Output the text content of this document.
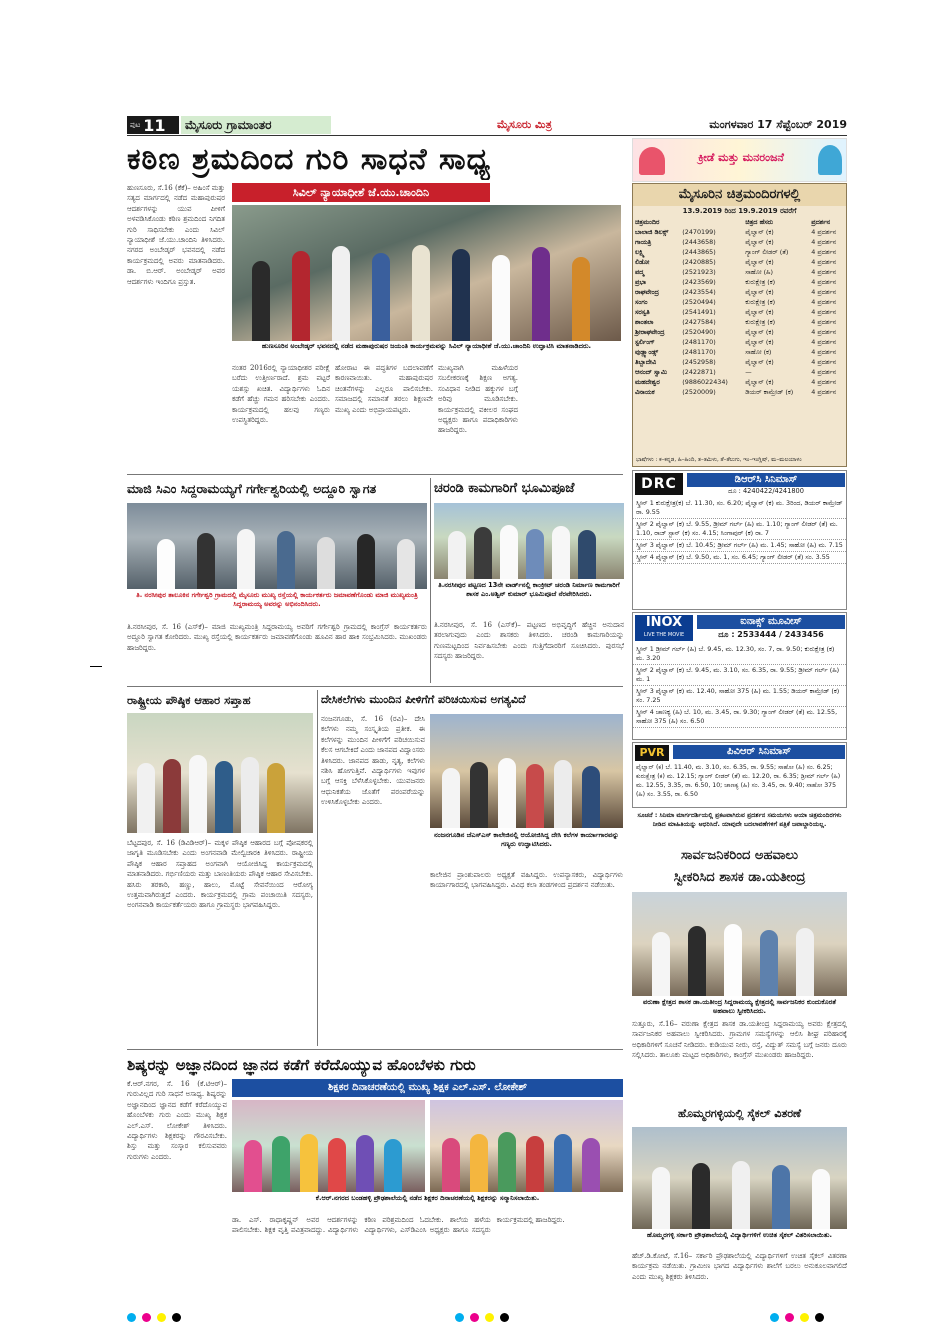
ಪುಟ 11	ಮೈಸೂರು ಗ್ರಾಮಾಂತರ	ಮೈಸೂರು ಮಿತ್ರ	ಮಂಗಳವಾರ 17 ಸೆಪ್ಟೆಂಬರ್ 2019
ಕಠಿಣ ಶ್ರಮದಿಂದ ಗುರಿ ಸಾಧನೆ ಸಾಧ್ಯ	ಕ್ರೀಡೆ ಮತ್ತು ಮನರಂಜನೆ
ಹುಣಸೂರು, ಸೆ.16 (ಕೆಕೆ)– ಅಹಿಂಸೆ ಮತ್ತು ಸತ್ಯದ ಮಾರ್ಗದಲ್ಲಿ ನಡೆದ ಮಹಾಪುರುಷರ ಆದರ್ಶಗಳನ್ನು ಯುವ ಪೀಳಿಗೆ ಅಳವಡಿಸಿಕೊಂಡು ಕಠಿಣ ಶ್ರಮದಿಂದ ನಿಗದಿತ ಗುರಿ ಸಾಧಿಸಬೇಕು ಎಂದು ಸಿವಿಲ್ ನ್ಯಾಯಾಧೀಶೆ ಜೆ.ಯು.ಚಾಂದಿನಿ ತಿಳಿಸಿದರು. ನಗರದ ಅಂಬೇಡ್ಕರ್ ಭವನದಲ್ಲಿ ನಡೆದ ಕಾರ್ಯಕ್ರಮದಲ್ಲಿ ಅವರು ಮಾತನಾಡಿದರು. ಡಾ. ಬಿ.ಆರ್. ಅಂಬೇಡ್ಕರ್ ಅವರ ಆದರ್ಶಗಳು ಇಂದಿಗೂ ಪ್ರಸ್ತುತ.
ಸಿವಿಲ್ ನ್ಯಾಯಾಧೀಶೆ ಜೆ.ಯು.ಚಾಂದಿನಿ
ಹುಣಸೂರಿನ ಅಂಬೇಡ್ಕರ್ ಭವನದಲ್ಲಿ ನಡೆದ ಮಹಾಪುರುಷರ ಜಯಂತಿ ಕಾರ್ಯಕ್ರಮವನ್ನು ಸಿವಿಲ್ ನ್ಯಾಯಾಧೀಶೆ ಜೆ.ಯು.ಚಾಂದಿನಿ ಉದ್ಘಾಟಿಸಿ ಮಾತನಾಡಿದರು.
ನಂತರ 2016ರಲ್ಲಿ ನ್ಯಾಯಾಧೀಶರ ಪರೀಕ್ಷೆ ಬರೆದು ಉತ್ತೀರ್ಣರಾದೆ. ಶ್ರಮ ಪಟ್ಟರೆ ಯಶಸ್ಸು ಖಚಿತ. ವಿದ್ಯಾರ್ಥಿಗಳು ಓದಿನ ಕಡೆಗೆ ಹೆಚ್ಚು ಗಮನ ಹರಿಸಬೇಕು ಎಂದರು. ಕಾರ್ಯಕ್ರಮದಲ್ಲಿ ಹಲವು ಗಣ್ಯರು ಉಪಸ್ಥಿತರಿದ್ದರು.
ಹೋರಾಟ ಈ ಪದ್ಧತಿಗಳ ಬದಲಾವಣೆಗೆ ಕಾರಣವಾಯಿತು. ಮಹಾಪುರುಷರ ಚಿಂತನೆಗಳನ್ನು ಎಲ್ಲರೂ ಪಾಲಿಸಬೇಕು. ಸಮಾಜದಲ್ಲಿ ಸಮಾನತೆ ತರಲು ಶಿಕ್ಷಣವೇ ಮುಖ್ಯ ಎಂದು ಅಭಿಪ್ರಾಯಪಟ್ಟರು.
ಮುಖ್ಯವಾಗಿ ಮಹಿಳೆಯರ ಸಬಲೀಕರಣಕ್ಕೆ ಶಿಕ್ಷಣ ಅಗತ್ಯ. ಸಂವಿಧಾನ ನೀಡಿದ ಹಕ್ಕುಗಳ ಬಗ್ಗೆ ಅರಿವು ಮೂಡಿಸಬೇಕು. ಕಾರ್ಯಕ್ರಮದಲ್ಲಿ ವಕೀಲರ ಸಂಘದ ಅಧ್ಯಕ್ಷರು ಹಾಗೂ ಪದಾಧಿಕಾರಿಗಳು ಹಾಜರಿದ್ದರು.
ಮೈಸೂರಿನ ಚಿತ್ರಮಂದಿರಗಳಲ್ಲಿ
13.9.2019 ರಿಂದ 19.9.2019 ರವರೆಗೆ
ಚಿತ್ರಮಂದಿರ		ಚಿತ್ರದ ಹೆಸರು	ಪ್ರದರ್ಶನ
ಬಾಲಾಜಿ ಡಿಲಕ್ಸ್	(2470199)	ಪೈಲ್ವಾನ್ (ಕ)	4 ಪ್ರದರ್ಶನ
ಗಾಯತ್ರಿ	(2443658)	ಪೈಲ್ವಾನ್ (ಕ)	4 ಪ್ರದರ್ಶನ
ಲಕ್ಷ್ಮಿ	(2443865)	ಗ್ಯಾಂಗ್ ಲೀಡರ್ (ತೆ)	4 ಪ್ರದರ್ಶನ
ಲಿಡೋ	(2420885)	ಪೈಲ್ವಾನ್ (ಕ)	4 ಪ್ರದರ್ಶನ
ಪದ್ಮ	(2521923)	ಸಾಹೋ (ಹಿ)	4 ಪ್ರದರ್ಶನ
ಪ್ರಭಾ	(2423569)	ಕುರುಕ್ಷೇತ್ರ (ಕ)	4 ಪ್ರದರ್ಶನ
ರಾಘವೇಂದ್ರ	(2423554)	ಪೈಲ್ವಾನ್ (ಕ)	4 ಪ್ರದರ್ಶನ
ಸಂಗಂ	(2520494)	ಕುರುಕ್ಷೇತ್ರ (ಕ)	4 ಪ್ರದರ್ಶನ
ಸರಸ್ವತಿ	(2541491)	ಪೈಲ್ವಾನ್ (ಕ)	4 ಪ್ರದರ್ಶನ
ಶಾಂತಲಾ	(2427584)	ಕುರುಕ್ಷೇತ್ರ (ಕ)	4 ಪ್ರದರ್ಶನ
ಶ್ರೀರಾಘವೇಂದ್ರ	(2520490)	ಪೈಲ್ವಾನ್ (ಕ)	4 ಪ್ರದರ್ಶನ
ಸ್ಟರ್ಲಿಂಗ್	(2481170)	ಪೈಲ್ವಾನ್ (ಕ)	4 ಪ್ರದರ್ಶನ
ವುಡ್ಲ್ಯಾಂಡ್ಸ್	(2481170)	ಸಾಹೋ (ಕ)	4 ಪ್ರದರ್ಶನ
ತಿಬ್ಬಾದೇವಿ	(2452958)	ಪೈಲ್ವಾನ್ (ಕ)	4 ಪ್ರದರ್ಶನ
ಆನಂದ್ ಸ್ವಾಮಿ	(2422871)	—	4 ಪ್ರದರ್ಶನ
ಮಹದೇಶ್ವರ	(9886022434)	ಪೈಲ್ವಾನ್ (ಕ)	4 ಪ್ರದರ್ಶನ
ವಿನಾಯಕ	(2520009)	ಡಿಯರ್ ಕಾಮ್ರೇಡ್ (ಕ)	4 ಪ್ರದರ್ಶನ
ಭಾಷೆಗಳು : ಕ–ಕನ್ನಡ, ಹಿ–ಹಿಂದಿ, ತ–ತಮಿಳು, ತೆ–ತೆಲುಗು, ಇಂ–ಇಂಗ್ಲಿಷ್, ಮ–ಮಲಯಾಳಂ
DRC	ಡಿಆರ್‌ಸಿ ಸಿನಿಮಾಸ್
ದೂ : 4240422/4241800
ಸ್ಕ್ರೀನ್ 1 ಕುರುಕ್ಷೇತ್ರ(ಕ) ಬೆ. 11.30, ಸಂ. 6.20; ಪೈಲ್ವಾನ್ (ಕ) ಮ. 3ರಿಂದ, ಡಿಯರ್ ಕಾಮ್ರೇಡ್ ರಾ. 9.55
ಸ್ಕ್ರೀನ್ 2 ಪೈಲ್ವಾನ್ (ಕ) ಬೆ. 9.55, ಡ್ರೀಮ್ ಗರ್ಲ್ (ಹಿ) ಮ. 1.10; ಗ್ಯಾಂಗ್ ಲೀಡರ್ (ತೆ) ಮ. 1.10, ರಾಜ್ ಸ್ಟಾನ್ (ಕ) ಸಂ. 4.15; ಸಿಂಗಾಪುರ್ (ಕ) ರಾ. 7
ಸ್ಕ್ರೀನ್ 3 ಪೈಲ್ವಾನ್ (ಕ) ಬೆ. 10.45; ಡ್ರೀಮ್ ಗರ್ಲ್ (ಹಿ) ಮ. 1.45; ಸಾಹೋ (ಹಿ) ಮ. 7.15
ಸ್ಕ್ರೀನ್ 4 ಪೈಲ್ವಾನ್ (ಕ) ಬೆ. 9.50, ಮ. 1, ಸಂ. 6.45; ಗ್ಯಾಂಗ್ ಲೀಡರ್ (ತೆ) ಸಂ. 3.55
INOX
LIVE THE MOVIE
ಐನಾಕ್ಸ್ ಮೂವೀಸ್
ದೂ : 2533444 / 2433456
ಸ್ಕ್ರೀನ್ 1 ಡ್ರೀಮ್ ಗರ್ಲ್ (ಹಿ) ಬೆ. 9.45, ಮ. 12.30, ಸಂ. 7, ರಾ. 9.50; ಕುರುಕ್ಷೇತ್ರ (ಕ) ಮ. 3.20
ಸ್ಕ್ರೀನ್ 2 ಪೈಲ್ವಾನ್ (ಕ) ಬೆ. 9.45, ಮ. 3.10, ಸಂ. 6.35, ರಾ. 9.55; ಡ್ರೀಮ್ ಗರ್ಲ್ (ಹಿ) ಮ. 1
ಸ್ಕ್ರೀನ್ 3 ಪೈಲ್ವಾನ್ (ಕ) ಮ. 12.40, ಸಾಹೋ 375 (ಹಿ) ಮ. 1.55; ಡಿಯರ್ ಕಾಮ್ರೇಡ್ (ಕ) ಸಂ. 7.25
ಸ್ಕ್ರೀನ್ 4 ಚಾಣಕ್ಯ (ಹಿ) ಬೆ. 10, ಮ. 3.45, ರಾ. 9.30; ಗ್ಯಾಂಗ್ ಲೀಡರ್ (ತೆ) ಮ. 12.55, ಸಾಹೋ 375 (ಹಿ) ಸಂ. 6.50
PVR	ಪಿವಿಆರ್ ಸಿನಿಮಾಸ್
ಪೈಲ್ವಾನ್ (ಕ) ಬೆ. 11.40, ಮ. 3.10, ಸಂ. 6.35, ರಾ. 9.55; ಸಾಹೋ (ಹಿ) ಸಂ. 6.25; ಕುರುಕ್ಷೇತ್ರ (ಕ) ಮ. 12.15; ಗ್ಯಾಂಗ್ ಲೀಡರ್ (ತೆ) ಮ. 12.20, ರಾ. 6.35; ಡ್ರೀಮ್ ಗರ್ಲ್ (ಹಿ) ಮ. 12.55, 3.35, ರಾ. 6.50, 10; ಚಾಣಕ್ಯ (ಹಿ) ಸಂ. 3.45, ರಾ. 9.40; ಸಾಹೋ 375 (ಹಿ) ಸಂ. 3.55, ರಾ. 6.50
ಸೂಚನೆ : ಸಿನಿಮಾ ಮಾರ್ಗದರ್ಶಿಯಲ್ಲಿ ಪ್ರಕಟವಾಗಿರುವ ಪ್ರದರ್ಶನ ಸಮಯಗಳು ಆಯಾ ಚಿತ್ರಮಂದಿರಗಳು ನೀಡಿದ ಮಾಹಿತಿಯನ್ನು ಆಧರಿಸಿದೆ. ಯಾವುದೇ ಬದಲಾವಣೆಗಳಿಗೆ ಪತ್ರಿಕೆ ಜವಾಬ್ದಾರಿಯಲ್ಲ.
ಮಾಜಿ ಸಿಎಂ ಸಿದ್ದರಾಮಯ್ಯಗೆ ಗರ್ಗೇಶ್ವರಿಯಲ್ಲಿ ಅದ್ದೂರಿ ಸ್ವಾಗತ
ತಿ. ನರಸೀಪುರ ತಾಲೂಕಿನ ಗರ್ಗೇಶ್ವರಿ ಗ್ರಾಮದಲ್ಲಿ ಮೈಸೂರು ಮುಖ್ಯ ರಸ್ತೆಯಲ್ಲಿ ಕಾರ್ಯಕರ್ತರು ಜಮಾವಣೆಗೊಂಡು ಮಾಜಿ ಮುಖ್ಯಮಂತ್ರಿ ಸಿದ್ದರಾಮಯ್ಯ ಅವರನ್ನು ಅಭಿನಂದಿಸಿದರು.
ತಿ.ನರಸೀಪುರ, ಸೆ. 16 (ಎಸ್‌ಕೆ)– ಮಾಜಿ ಮುಖ್ಯಮಂತ್ರಿ ಸಿದ್ದರಾಮಯ್ಯ ಅವರಿಗೆ ಗರ್ಗೇಶ್ವರಿ ಗ್ರಾಮದಲ್ಲಿ ಕಾಂಗ್ರೆಸ್ ಕಾರ್ಯಕರ್ತರು ಅದ್ದೂರಿ ಸ್ವಾಗತ ಕೋರಿದರು. ಮುಖ್ಯ ರಸ್ತೆಯಲ್ಲಿ ಕಾರ್ಯಕರ್ತರು ಜಮಾವಣೆಗೊಂಡು ಹೂವಿನ ಹಾರ ಹಾಕಿ ಸಂಭ್ರಮಿಸಿದರು. ಮುಖಂಡರು ಹಾಜರಿದ್ದರು.
ಚರಂಡಿ ಕಾಮಗಾರಿಗೆ ಭೂಮಿಪೂಜೆ
ತಿ.ನರಸೀಪುರ ಪಟ್ಟಣದ 13ನೇ ವಾರ್ಡ್‌ನಲ್ಲಿ ಕಾಂಕ್ರೀಟ್ ಚರಂಡಿ ನಿರ್ಮಾಣ ಕಾಮಗಾರಿಗೆ ಶಾಸಕ ಎಂ.ಅಶ್ವಿನ್ ಕುಮಾರ್ ಭೂಮಿಪೂಜೆ ನೆರವೇರಿಸಿದರು.
ತಿ.ನರಸೀಪುರ, ಸೆ. 16 (ಎಸ್‌ಕೆ)– ಪಟ್ಟಣದ ಅಭಿವೃದ್ಧಿಗೆ ಹೆಚ್ಚಿನ ಅನುದಾನ ತರಲಾಗುವುದು ಎಂದು ಶಾಸಕರು ತಿಳಿಸಿದರು. ಚರಂಡಿ ಕಾಮಗಾರಿಯನ್ನು ಗುಣಮಟ್ಟದಿಂದ ನಿರ್ವಹಿಸಬೇಕು ಎಂದು ಗುತ್ತಿಗೆದಾರರಿಗೆ ಸೂಚಿಸಿದರು. ಪುರಸಭೆ ಸದಸ್ಯರು ಹಾಜರಿದ್ದರು.
ರಾಷ್ಟ್ರೀಯ ಪೌಷ್ಠಿಕ ಆಹಾರ ಸಪ್ತಾಹ
ಬೆಟ್ಟದಪುರ, ಸೆ. 16 (ಡಿವಿಡಿಆರ್)– ಮಕ್ಕಳ ಪೌಷ್ಠಿಕ ಆಹಾರದ ಬಗ್ಗೆ ಪೋಷಕರಲ್ಲಿ ಜಾಗೃತಿ ಮೂಡಿಸಬೇಕು ಎಂದು ಅಂಗನವಾಡಿ ಮೇಲ್ವಿಚಾರಕಿ ತಿಳಿಸಿದರು. ರಾಷ್ಟ್ರೀಯ ಪೌಷ್ಠಿಕ ಆಹಾರ ಸಪ್ತಾಹದ ಅಂಗವಾಗಿ ಆಯೋಜಿಸಿದ್ದ ಕಾರ್ಯಕ್ರಮದಲ್ಲಿ ಮಾತನಾಡಿದರು. ಗರ್ಭಿಣಿಯರು ಮತ್ತು ಬಾಣಂತಿಯರು ಪೌಷ್ಠಿಕ ಆಹಾರ ಸೇವಿಸಬೇಕು. ಹಸಿರು ತರಕಾರಿ, ಹಣ್ಣು, ಹಾಲು, ಮೊಟ್ಟೆ ಸೇವನೆಯಿಂದ ಆರೋಗ್ಯ ಉತ್ತಮವಾಗಿರುತ್ತದೆ ಎಂದರು. ಕಾರ್ಯಕ್ರಮದಲ್ಲಿ ಗ್ರಾಮ ಪಂಚಾಯಿತಿ ಸದಸ್ಯರು, ಅಂಗನವಾಡಿ ಕಾರ್ಯಕರ್ತೆಯರು ಹಾಗೂ ಗ್ರಾಮಸ್ಥರು ಭಾಗವಹಿಸಿದ್ದರು.
ದೇಸಿಕಲೆಗಳು ಮುಂದಿನ ಪೀಳಿಗೆಗೆ ಪರಿಚಯಿಸುವ ಅಗತ್ಯವಿದೆ
ನಂಜನಗೂಡು, ಸೆ. 16 (ರವಿ)– ದೇಸಿ ಕಲೆಗಳು ನಮ್ಮ ಸಂಸ್ಕೃತಿಯ ಪ್ರತೀಕ. ಈ ಕಲೆಗಳನ್ನು ಮುಂದಿನ ಪೀಳಿಗೆಗೆ ಪರಿಚಯಿಸುವ ಕೆಲಸ ಆಗಬೇಕಿದೆ ಎಂದು ಜಾನಪದ ವಿದ್ವಾಂಸರು ತಿಳಿಸಿದರು. ಜಾನಪದ ಹಾಡು, ನೃತ್ಯ, ಕಲೆಗಳು ನಶಿಸಿ ಹೋಗುತ್ತಿವೆ. ವಿದ್ಯಾರ್ಥಿಗಳು ಇವುಗಳ ಬಗ್ಗೆ ಆಸಕ್ತಿ ಬೆಳೆಸಿಕೊಳ್ಳಬೇಕು. ಯುವಜನರು ಆಧುನಿಕತೆಯ ಜೊತೆಗೆ ಪರಂಪರೆಯನ್ನು ಉಳಿಸಿಕೊಳ್ಳಬೇಕು ಎಂದರು.
ನಂಜನಗೂಡಿನ ಜೆಎಸ್ಎಸ್ ಕಾಲೇಜಿನಲ್ಲಿ ಆಯೋಜಿಸಿದ್ದ ದೇಸಿ ಕಲೆಗಳ ಕಾರ್ಯಾಗಾರವನ್ನು ಗಣ್ಯರು ಉದ್ಘಾಟಿಸಿದರು.
ಕಾಲೇಜಿನ ಪ್ರಾಂಶುಪಾಲರು ಅಧ್ಯಕ್ಷತೆ ವಹಿಸಿದ್ದರು. ಉಪನ್ಯಾಸಕರು, ವಿದ್ಯಾರ್ಥಿಗಳು ಕಾರ್ಯಾಗಾರದಲ್ಲಿ ಭಾಗವಹಿಸಿದ್ದರು. ವಿವಿಧ ಕಲಾ ತಂಡಗಳಿಂದ ಪ್ರದರ್ಶನ ನಡೆಯಿತು.
ಸಾರ್ವಜನಿಕರಿಂದ ಅಹವಾಲು
ಸ್ವೀಕರಿಸಿದ ಶಾಸಕ ಡಾ.ಯತೀಂದ್ರ
ವರುಣಾ ಕ್ಷೇತ್ರದ ಶಾಸಕ ಡಾ.ಯತೀಂದ್ರ ಸಿದ್ದರಾಮಯ್ಯ ಕ್ಷೇತ್ರದಲ್ಲಿ ಸಾರ್ವಜನಿಕರ ಕುಂದುಕೊರತೆ ಅಹವಾಲು ಸ್ವೀಕರಿಸಿದರು.
ಸುತ್ತೂರು, ಸೆ.16– ವರುಣಾ ಕ್ಷೇತ್ರದ ಶಾಸಕ ಡಾ.ಯತೀಂದ್ರ ಸಿದ್ದರಾಮಯ್ಯ ಅವರು ಕ್ಷೇತ್ರದಲ್ಲಿ ಸಾರ್ವಜನಿಕರ ಅಹವಾಲು ಸ್ವೀಕರಿಸಿದರು. ಗ್ರಾಮಗಳ ಸಮಸ್ಯೆಗಳನ್ನು ಆಲಿಸಿ ಶೀಘ್ರ ಪರಿಹಾರಕ್ಕೆ ಅಧಿಕಾರಿಗಳಿಗೆ ಸೂಚನೆ ನೀಡಿದರು. ಕುಡಿಯುವ ನೀರು, ರಸ್ತೆ, ವಿದ್ಯುತ್ ಸಮಸ್ಯೆ ಬಗ್ಗೆ ಜನರು ದೂರು ಸಲ್ಲಿಸಿದರು. ತಾಲೂಕು ಮಟ್ಟದ ಅಧಿಕಾರಿಗಳು, ಕಾಂಗ್ರೆಸ್ ಮುಖಂಡರು ಹಾಜರಿದ್ದರು.
ಶಿಷ್ಯರನ್ನು ಅಜ್ಞಾನದಿಂದ ಜ್ಞಾನದ ಕಡೆಗೆ ಕರೆದೊಯ್ಯುವ ಹೊಂಬೆಳಕು ಗುರು
ಶಿಕ್ಷಕರ ದಿನಾಚರಣೆಯಲ್ಲಿ ಮುಖ್ಯ ಶಿಕ್ಷಕ ಎಲ್.ಎಸ್. ಲೋಕೇಶ್
ಕೆ.ಆರ್.ನಗರ, ಸೆ. 16 (ಕೆ.ಟಿಆರ್)– ಗುರುವಿಲ್ಲದ ಗುರಿ ಸಾಧನೆ ಅಸಾಧ್ಯ. ಶಿಷ್ಯರನ್ನು ಅಜ್ಞಾನದಿಂದ ಜ್ಞಾನದ ಕಡೆಗೆ ಕರೆದೊಯ್ಯುವ ಹೊಂಬೆಳಕು ಗುರು ಎಂದು ಮುಖ್ಯ ಶಿಕ್ಷಕ ಎಲ್.ಎಸ್. ಲೋಕೇಶ್ ತಿಳಿಸಿದರು. ವಿದ್ಯಾರ್ಥಿಗಳು ಶಿಕ್ಷಕರನ್ನು ಗೌರವಿಸಬೇಕು. ಶಿಸ್ತು ಮತ್ತು ಸಂಸ್ಕಾರ ಕಲಿಸುವವರು ಗುರುಗಳು ಎಂದರು.
ಕೆ.ಆರ್.ನಗರದ ಬಂಡಹಳ್ಳಿ ಪ್ರೌಢಶಾಲೆಯಲ್ಲಿ ನಡೆದ ಶಿಕ್ಷಕರ ದಿನಾಚರಣೆಯಲ್ಲಿ ಶಿಕ್ಷಕರನ್ನು ಸನ್ಮಾನಿಸಲಾಯಿತು.
ಡಾ. ಎಸ್. ರಾಧಾಕೃಷ್ಣನ್ ಅವರ ಆದರ್ಶಗಳನ್ನು ಪಾಲಿಸಬೇಕು. ಶಿಕ್ಷಕ ವೃತ್ತಿ ಪವಿತ್ರವಾದದ್ದು. ವಿದ್ಯಾರ್ಥಿಗಳು ಕಠಿಣ ಪರಿಶ್ರಮದಿಂದ ಓದಬೇಕು. ಶಾಲೆಯ ಹಳೆಯ ವಿದ್ಯಾರ್ಥಿಗಳು, ಎಸ್‌ಡಿಎಂಸಿ ಅಧ್ಯಕ್ಷರು ಹಾಗೂ ಸದಸ್ಯರು ಕಾರ್ಯಕ್ರಮದಲ್ಲಿ ಹಾಜರಿದ್ದರು.
ಹೊಮ್ಮರಗಳ್ಳಿಯಲ್ಲಿ ಸೈಕಲ್ ವಿತರಣೆ
ಹೊಮ್ಮರಗಳ್ಳಿ ಸರ್ಕಾರಿ ಪ್ರೌಢಶಾಲೆಯಲ್ಲಿ ವಿದ್ಯಾರ್ಥಿಗಳಿಗೆ ಉಚಿತ ಸೈಕಲ್ ವಿತರಿಸಲಾಯಿತು.
ಹೆಚ್.ಡಿ.ಕೋಟೆ, ಸೆ.16– ಸರ್ಕಾರಿ ಪ್ರೌಢಶಾಲೆಯಲ್ಲಿ ವಿದ್ಯಾರ್ಥಿಗಳಿಗೆ ಉಚಿತ ಸೈಕಲ್ ವಿತರಣಾ ಕಾರ್ಯಕ್ರಮ ನಡೆಯಿತು. ಗ್ರಾಮೀಣ ಭಾಗದ ವಿದ್ಯಾರ್ಥಿಗಳು ಶಾಲೆಗೆ ಬರಲು ಅನುಕೂಲವಾಗಲಿದೆ ಎಂದು ಮುಖ್ಯ ಶಿಕ್ಷಕರು ತಿಳಿಸಿದರು.
